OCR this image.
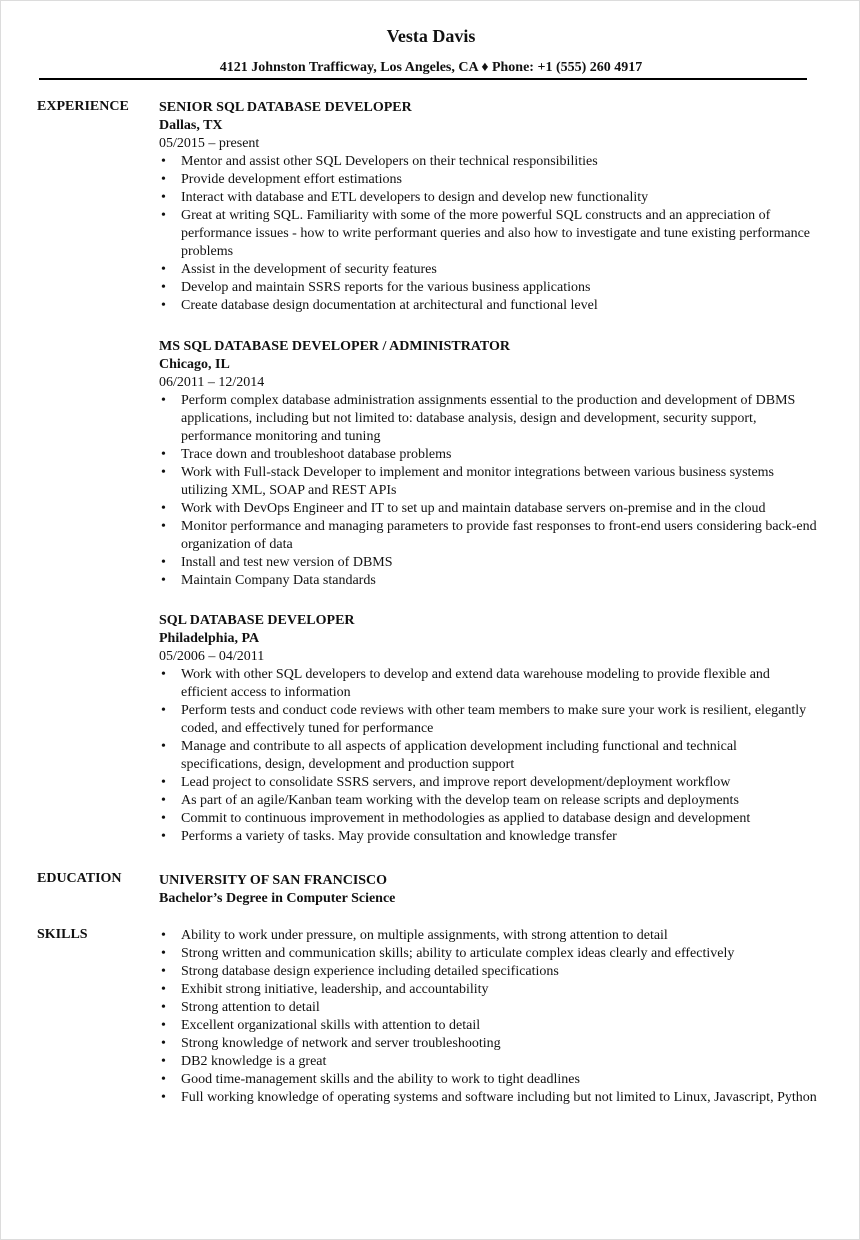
Vesta Davis
4121 Johnston Trafficway, Los Angeles, CA ♦ Phone: +1 (555) 260 4917
EXPERIENCE SENIOR SQL DATABASE DEVELOPER
Dallas, TX
05/2015 – present
• Mentor and assist other SQL Developers on their technical responsibilities
• Provide development effort estimations
• Interact with database and ETL developers to design and develop new functionality
• Great at writing SQL. Familiarity with some of the more powerful SQL constructs and an appreciation of performance issues - how to write performant queries and also how to investigate and tune existing performance problems
• Assist in the development of security features
• Develop and maintain SSRS reports for the various business applications
• Create database design documentation at architectural and functional level
MS SQL DATABASE DEVELOPER / ADMINISTRATOR
Chicago, IL
06/2011 – 12/2014
• Perform complex database administration assignments essential to the production and development of DBMS applications, including but not limited to: database analysis, design and development, security support, performance monitoring and tuning
• Trace down and troubleshoot database problems
• Work with Full-stack Developer to implement and monitor integrations between various business systems utilizing XML, SOAP and REST APIs
• Work with DevOps Engineer and IT to set up and maintain database servers on-premise and in the cloud
• Monitor performance and managing parameters to provide fast responses to front-end users considering back-end organization of data
• Install and test new version of DBMS
• Maintain Company Data standards
SQL DATABASE DEVELOPER
Philadelphia, PA
05/2006 – 04/2011
• Work with other SQL developers to develop and extend data warehouse modeling to provide flexible and efficient access to information
• Perform tests and conduct code reviews with other team members to make sure your work is resilient, elegantly coded, and effectively tuned for performance
• Manage and contribute to all aspects of application development including functional and technical specifications, design, development and production support
• Lead project to consolidate SSRS servers, and improve report development/deployment workflow
• As part of an agile/Kanban team working with the develop team on release scripts and deployments
• Commit to continuous improvement in methodologies as applied to database design and development
• Performs a variety of tasks. May provide consultation and knowledge transfer
EDUCATION	UNIVERSITY OF SAN FRANCISCO
Bachelor’s Degree in Computer Science
SKILLS
•	Ability to work under pressure, on multiple assignments, with strong attention to detail
• Strong written and communication skills; ability to articulate complex ideas clearly and effectively
• Strong database design experience including detailed specifications
• Exhibit strong initiative, leadership, and accountability
• Strong attention to detail
• Excellent organizational skills with attention to detail
• Strong knowledge of network and server troubleshooting
• DB2 knowledge is a great
• Good time-management skills and the ability to work to tight deadlines
• Full working knowledge of operating systems and software including but not limited to Linux, Javascript, Python
